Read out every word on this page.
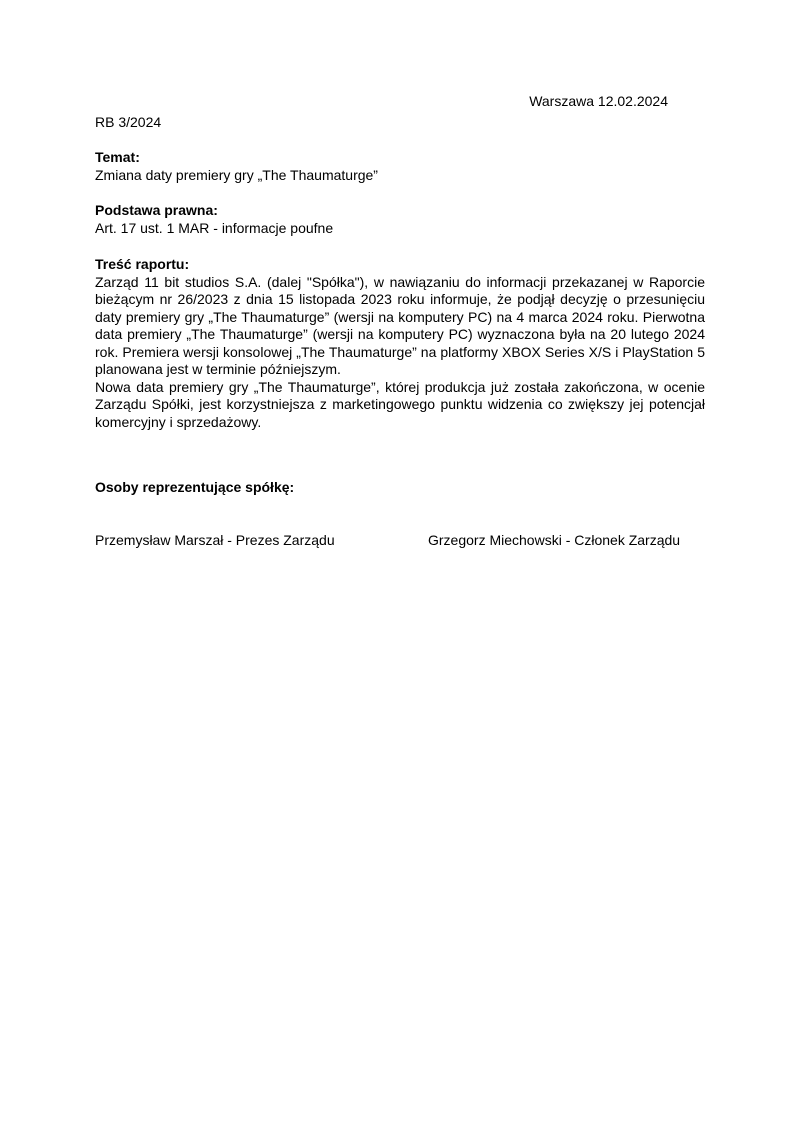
Warszawa 12.02.2024
RB 3/2024
Temat:
Zmiana daty premiery gry „The Thaumaturge”
Podstawa prawna:
Art. 17 ust. 1 MAR - informacje poufne
Treść raportu:
Zarząd 11 bit studios S.A. (dalej "Spółka"), w nawiązaniu do informacji przekazanej w Raporcie bieżącym nr 26/2023 z dnia 15 listopada 2023 roku informuje, że podjął decyzję o przesunięciu daty premiery gry „The Thaumaturge” (wersji na komputery PC) na 4 marca 2024 roku. Pierwotna data premiery „The Thaumaturge” (wersji na komputery PC) wyznaczona była na 20 lutego 2024 rok. Premiera wersji konsolowej „The Thaumaturge” na platformy XBOX Series X/S i PlayStation 5 planowana jest w terminie późniejszym.
Nowa data premiery gry „The Thaumaturge”, której produkcja już została zakończona, w ocenie Zarządu Spółki, jest korzystniejsza z marketingowego punktu widzenia co zwiększy jej potencjał komercyjny i sprzedażowy.
Osoby reprezentujące spółkę:
Przemysław Marszał - Prezes Zarządu	Grzegorz Miechowski - Członek Zarządu
